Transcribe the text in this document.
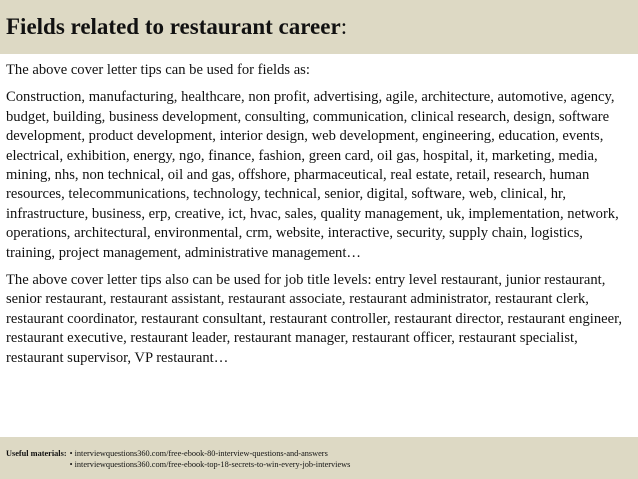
Fields related to restaurant career:

The above cover letter tips can be used for fields as:

Construction, manufacturing, healthcare, non profit, advertising, agile, architecture, automotive, agency, budget, building, business development, consulting, communication, clinical research, design, software development, product development, interior design, web development, engineering, education, events, electrical, exhibition, energy, ngo, finance, fashion, green card, oil gas, hospital, it, marketing, media, mining, nhs, non technical, oil and gas, offshore, pharmaceutical, real estate, retail, research, human resources, telecommunications, technology, technical, senior, digital, software, web, clinical, hr, infrastructure, business, erp, creative, ict, hvac, sales, quality management, uk, implementation, network, operations, architectural, environmental, crm, website, interactive, security, supply chain, logistics, training, project management, administrative management…

The above cover letter tips also can be used for job title levels: entry level restaurant, junior restaurant, senior restaurant, restaurant assistant, restaurant associate, restaurant administrator, restaurant clerk, restaurant coordinator, restaurant consultant, restaurant controller, restaurant director, restaurant engineer, restaurant executive, restaurant leader, restaurant manager, restaurant officer, restaurant specialist, restaurant supervisor, VP restaurant…

Useful materials: • interviewquestions360.com/free-ebook-80-interview-questions-and-answers
• interviewquestions360.com/free-ebook-top-18-secrets-to-win-every-job-interviews
